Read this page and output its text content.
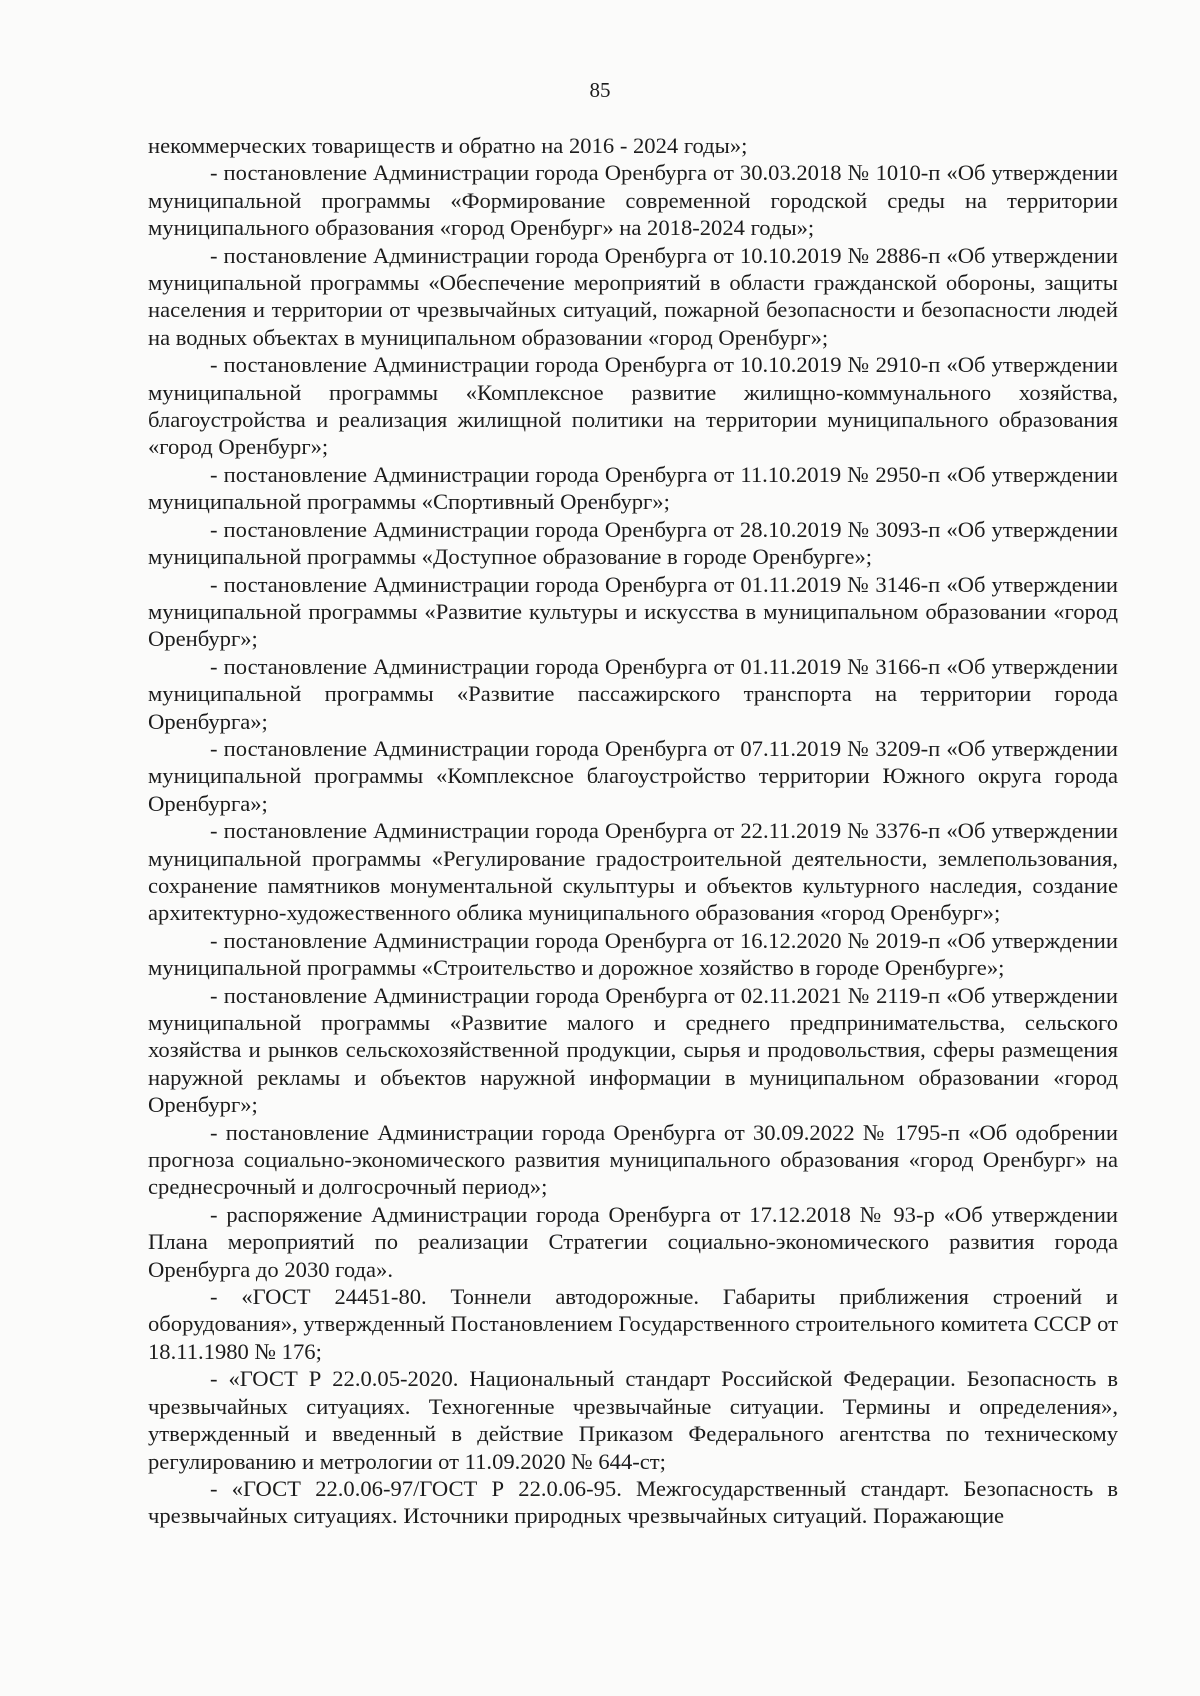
85

некоммерческих товариществ и обратно на 2016 - 2024 годы»;

- постановление Администрации города Оренбурга от 30.03.2018 № 1010-п «Об утверждении муниципальной программы «Формирование современной городской среды на территории муниципального образования «город Оренбург» на 2018-2024 годы»;

- постановление Администрации города Оренбурга от 10.10.2019 № 2886-п «Об утверждении муниципальной программы «Обеспечение мероприятий в области гражданской обороны, защиты населения и территории от чрезвычайных ситуаций, пожарной безопасности и безопасности людей на водных объектах в муниципальном образовании «город Оренбург»;

- постановление Администрации города Оренбурга от 10.10.2019 № 2910-п «Об утверждении муниципальной программы «Комплексное развитие жилищно-коммунального хозяйства, благоустройства и реализация жилищной политики на территории муниципального образования «город Оренбург»;

- постановление Администрации города Оренбурга от 11.10.2019 № 2950-п «Об утверждении муниципальной программы «Спортивный Оренбург»;

- постановление Администрации города Оренбурга от 28.10.2019 № 3093-п «Об утверждении муниципальной программы «Доступное образование в городе Оренбурге»;

- постановление Администрации города Оренбурга от 01.11.2019 № 3146-п «Об утверждении муниципальной программы «Развитие культуры и искусства в муниципальном образовании «город Оренбург»;

- постановление Администрации города Оренбурга от 01.11.2019 № 3166-п «Об утверждении муниципальной программы «Развитие пассажирского транспорта на территории города Оренбурга»;

- постановление Администрации города Оренбурга от 07.11.2019 № 3209-п «Об утверждении муниципальной программы «Комплексное благоустройство территории Южного округа города Оренбурга»;

- постановление Администрации города Оренбурга от 22.11.2019 № 3376-п «Об утверждении муниципальной программы «Регулирование градостроительной деятельности, землепользования, сохранение памятников монументальной скульптуры и объектов культурного наследия, создание архитектурно-художественного облика муниципального образования «город Оренбург»;

- постановление Администрации города Оренбурга от 16.12.2020 № 2019-п «Об утверждении муниципальной программы «Строительство и дорожное хозяйство в городе Оренбурге»;

- постановление Администрации города Оренбурга от 02.11.2021 № 2119-п «Об утверждении муниципальной программы «Развитие малого и среднего предпринимательства, сельского хозяйства и рынков сельскохозяйственной продукции, сырья и продовольствия, сферы размещения наружной рекламы и объектов наружной информации в муниципальном образовании «город Оренбург»;

- постановление Администрации города Оренбурга от 30.09.2022 № 1795-п «Об одобрении прогноза социально-экономического развития муниципального образования «город Оренбург» на среднесрочный и долгосрочный период»;

- распоряжение Администрации города Оренбурга от 17.12.2018 № 93-р «Об утверждении Плана мероприятий по реализации Стратегии социально-экономического развития города Оренбурга до 2030 года».

- «ГОСТ 24451-80. Тоннели автодорожные. Габариты приближения строений и оборудования», утвержденный Постановлением Государственного строительного комитета СССР от 18.11.1980 № 176;

- «ГОСТ Р 22.0.05-2020. Национальный стандарт Российской Федерации. Безопасность в чрезвычайных ситуациях. Техногенные чрезвычайные ситуации. Термины и определения», утвержденный и введенный в действие Приказом Федерального агентства по техническому регулированию и метрологии от 11.09.2020 № 644-ст;

- «ГОСТ 22.0.06-97/ГОСТ Р 22.0.06-95. Межгосударственный стандарт. Безопасность в чрезвычайных ситуациях. Источники природных чрезвычайных ситуаций. Поражающие
